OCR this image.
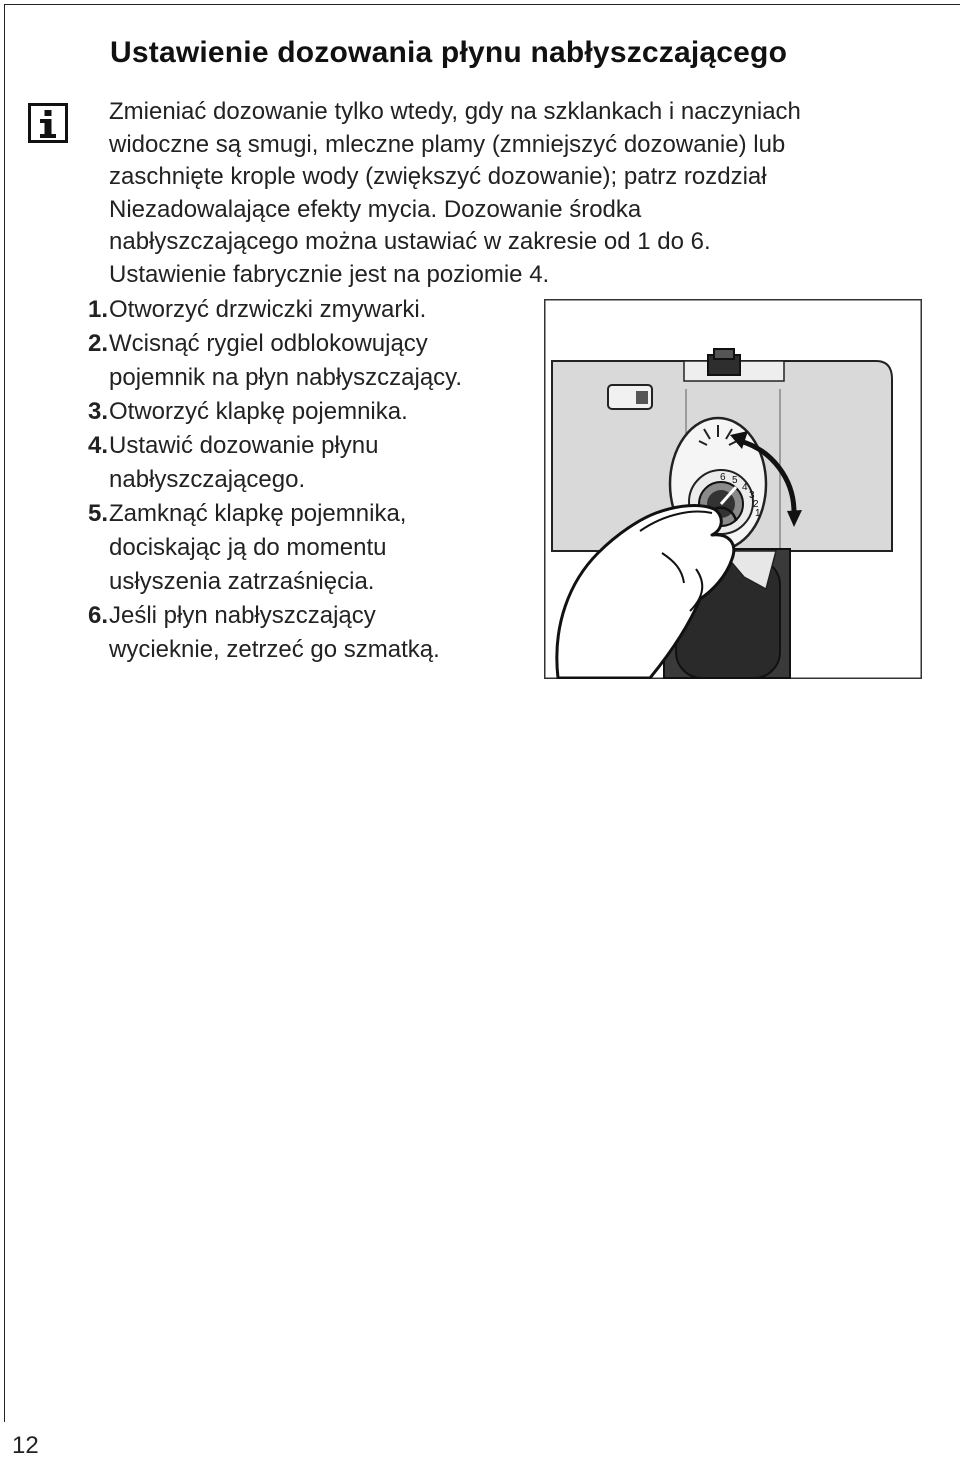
Ustawienie dozowania płynu nabłyszczającego
Zmieniać dozowanie tylko wtedy, gdy na szklankach i naczyniach
widoczne są smugi, mleczne plamy (zmniejszyć dozowanie) lub
zaschnięte krople wody (zwiększyć dozowanie); patrz rozdział
Niezadowalające efekty mycia. Dozowanie środka
nabłyszczającego można ustawiać w zakresie od 1 do 6.
Ustawienie fabrycznie jest na poziomie 4.
1. Otworzyć drzwiczki zmywarki.
2. Wcisnąć rygiel odblokowujący
pojemnik na płyn nabłyszczający.
3. Otworzyć klapkę pojemnika.
4. Ustawić dozowanie płynu
nabłyszczającego.
5. Zamknąć klapkę pojemnika,
dociskając ją do momentu
usłyszenia zatrzaśnięcia.
6. Jeśli płyn nabłyszczający
wycieknie, zetrzeć go szmatką.
6 5
4
3
2
1
12
